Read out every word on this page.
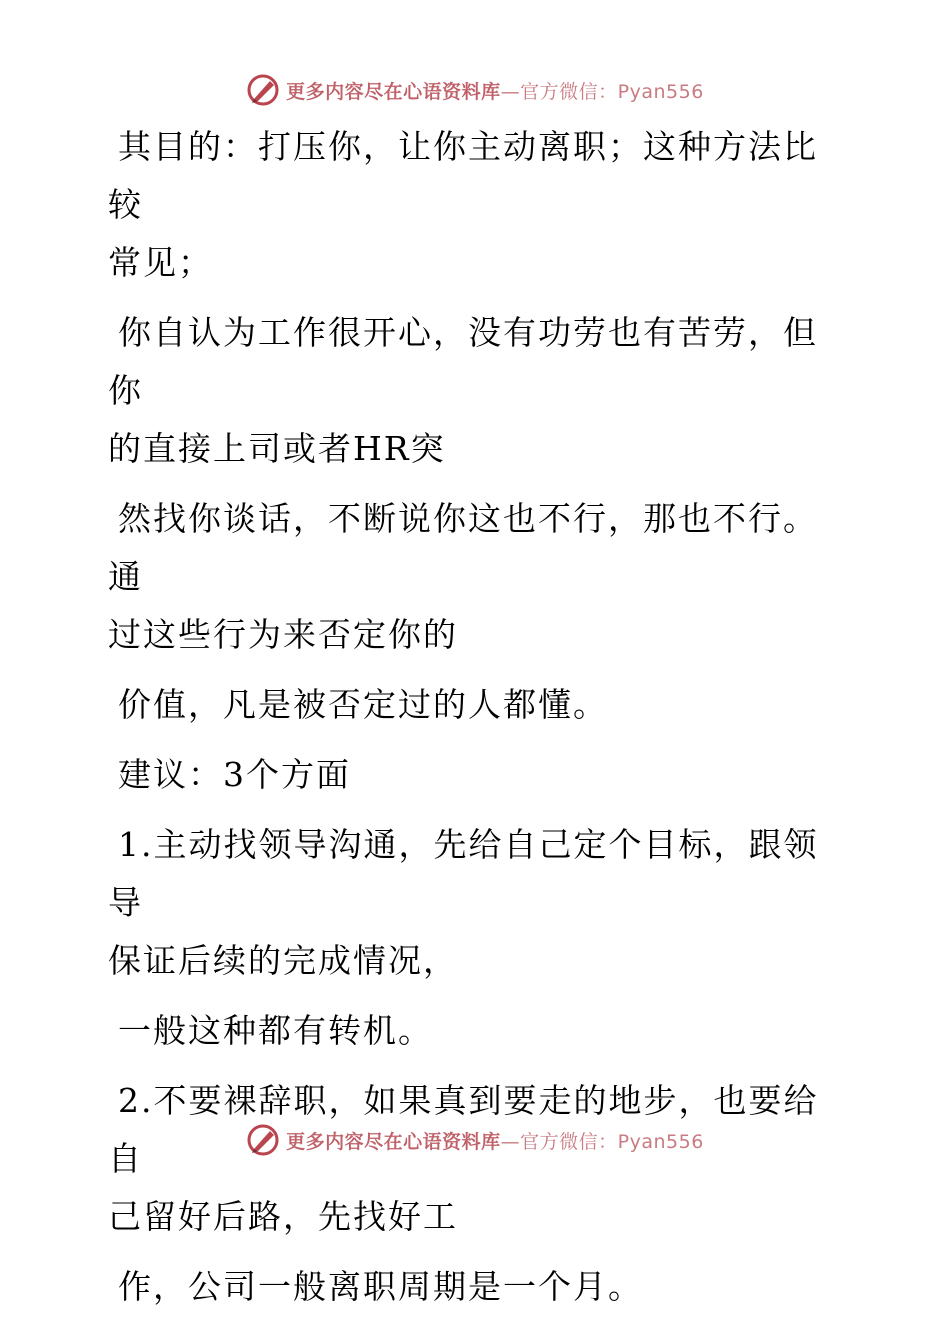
更多内容尽在心语资料库—官方微信：Pyan556
其目的：打压你，让你主动离职；这种方法比较
常见；
你自认为工作很开心，没有功劳也有苦劳，但你
的直接上司或者HR突
然找你谈话，不断说你这也不行，那也不行。通
过这些行为来否定你的
价值，凡是被否定过的人都懂。
建议：3个方面
1.主动找领导沟通，先给自己定个目标，跟领导
保证后续的完成情况，
一般这种都有转机。
2.不要裸辞职，如果真到要走的地步，也要给自
己留好后路，先找好工
作，公司一般离职周期是一个月。
更多内容尽在心语资料库—官方微信：Pyan556
